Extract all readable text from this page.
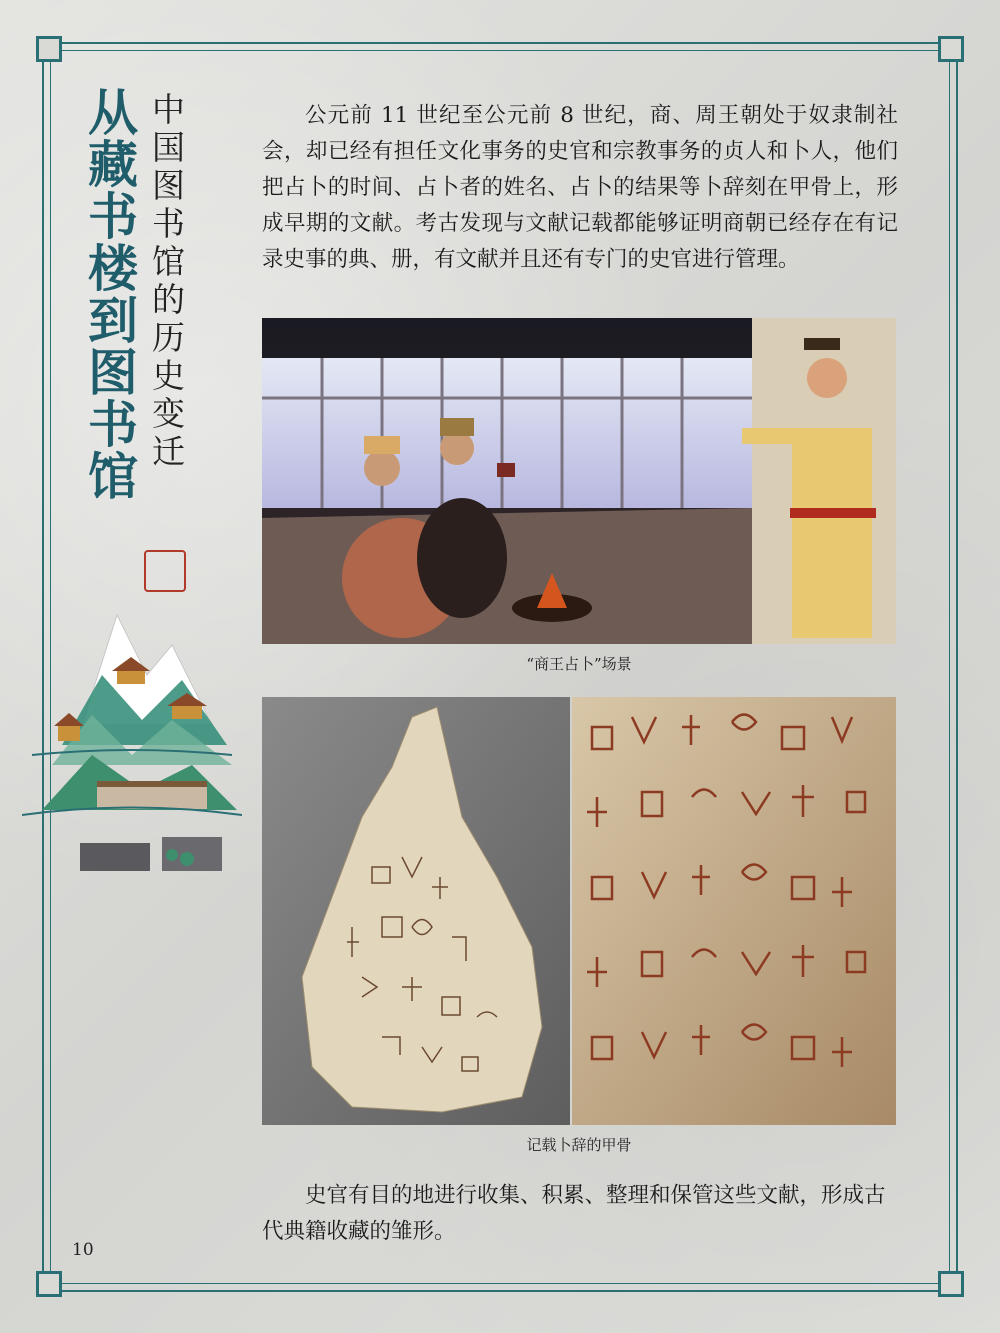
从藏书楼到图书馆 中国图书馆的历史变迁	公元前 11 世纪至公元前 8 世纪，商、周王朝处于奴隶制社会，却已经有担任文化事务的史官和宗教事务的贞人和卜人，他们把占卜的时间、占卜者的姓名、占卜的结果等卜辞刻在甲骨上，形成早期的文献。考古发现与文献记载都能够证明商朝已经存在有记录史事的典、册，有文献并且还有专门的史官进行管理。

“商王占卜”场景
记载卜辞的甲骨

史官有目的地进行收集、积累、整理和保管这些文献，形成古代典籍收藏的雏形。

10
